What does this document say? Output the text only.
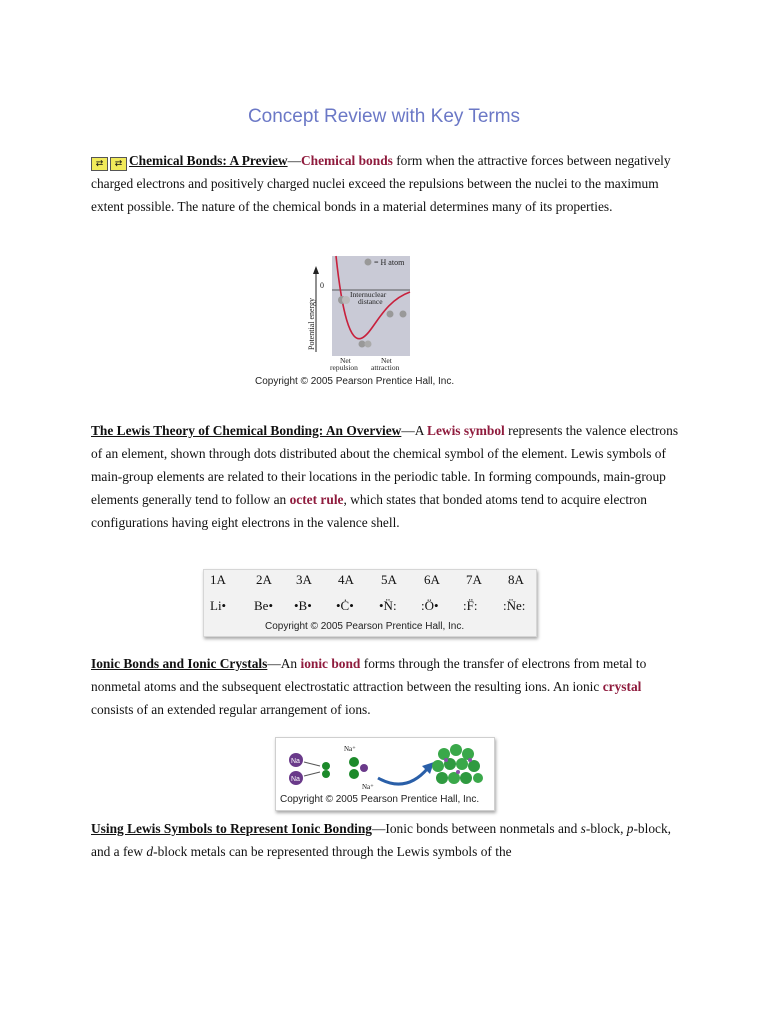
Concept Review with Key Terms

⇄ ⇄ Chemical Bonds: A Preview—Chemical bonds form when the attractive forces between negatively charged electrons and positively charged nuclei exceed the repulsions between the nuclei to the maximum extent possible. The nature of the chemical bonds in a material determines many of its properties.

= H atom
0
Internuclear
distance
Potential energy
Net
repulsion
Net
attraction
Copyright © 2005 Pearson Prentice Hall, Inc.

The Lewis Theory of Chemical Bonding: An Overview—A Lewis symbol represents the valence electrons of an element, shown through dots distributed about the chemical symbol of the element. Lewis symbols of main-group elements are related to their locations in the periodic table. In forming compounds, main-group elements generally tend to follow an octet rule, which states that bonded atoms tend to acquire electron configurations having eight electrons in the valence shell.

1A 2A 3A 4A 5A 6A 7A 8A
Li• Be• •B• •Ċ• •N̈: :Ö• :F̈: :N̈e:
Copyright © 2005 Pearson Prentice Hall, Inc.

Ionic Bonds and Ionic Crystals—An ionic bond forms through the transfer of electrons from metal to nonmetal atoms and the subsequent electrostatic attraction between the resulting ions. An ionic crystal consists of an extended regular arrangement of ions.

Na
Na
Na⁺
Na⁺
Copyright © 2005 Pearson Prentice Hall, Inc.

Using Lewis Symbols to Represent Ionic Bonding—Ionic bonds between nonmetals and s-block, p-block, and a few d-block metals can be represented through the Lewis symbols of the
